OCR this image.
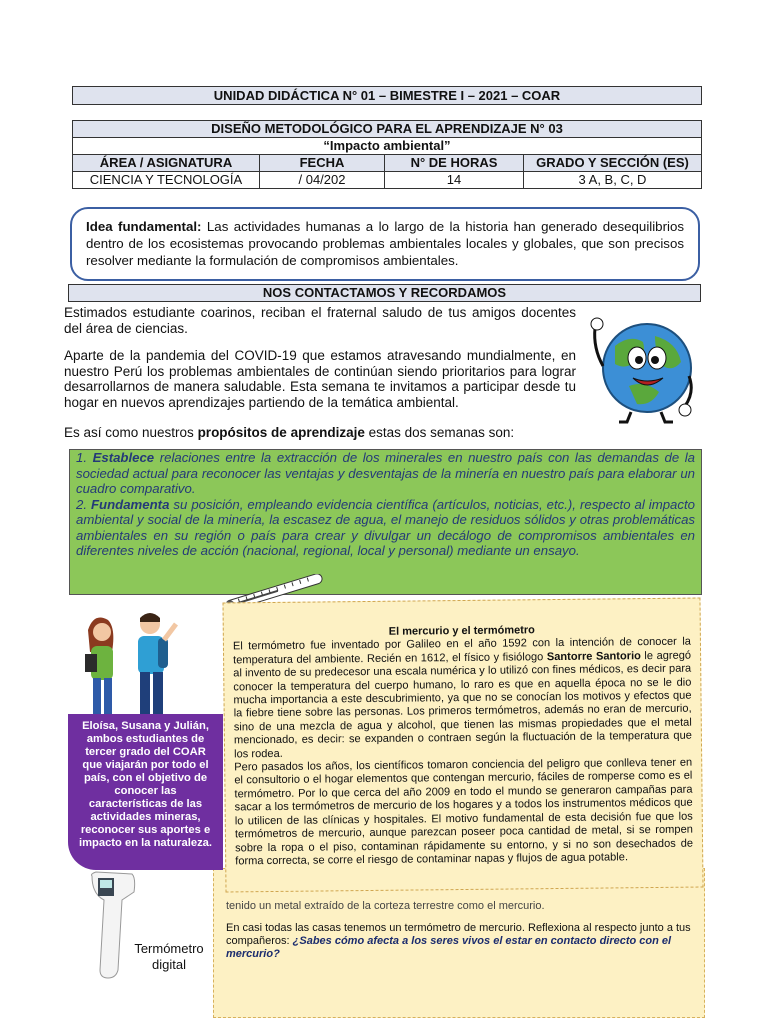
UNIDAD DIDÁCTICA N° 01 – BIMESTRE I – 2021 – COAR
DISEÑO METODOLÓGICO PARA EL APRENDIZAJE N° 03			
“Impacto ambiental”			
ÁREA / ASIGNATURA	FECHA	N° DE HORAS	GRADO Y SECCIÓN (ES)
CIENCIA Y TECNOLOGÍA	/ 04/202	14	3 A, B, C, D
Idea fundamental: Las actividades humanas a lo largo de la historia han generado desequilibrios dentro de los ecosistemas provocando problemas ambientales locales y globales, que son precisos resolver mediante la formulación de compromisos ambientales.
NOS CONTACTAMOS Y RECORDAMOS
Estimados estudiante coarinos, reciban el fraternal saludo de tus amigos docentes del área de ciencias.
Aparte de la pandemia del COVID-19 que estamos atravesando mundialmente, en nuestro Perú los problemas ambientales de continúan siendo prioritarios para lograr desarrollarnos de manera saludable. Esta semana te invitamos a participar desde tu hogar en nuevos aprendizajes partiendo de la temática ambiental.
Es así como nuestros propósitos de aprendizaje estas dos semanas son:
1. Establece relaciones entre la extracción de los minerales en nuestro país con las demandas de la sociedad actual para reconocer las ventajas y desventajas de la minería en nuestro país para elaborar un cuadro comparativo.
2. Fundamenta su posición, empleando evidencia científica (artículos, noticias, etc.), respecto al impacto ambiental y social de la minería, la escasez de agua, el manejo de residuos sólidos y otras problemáticas ambientales en su región o país para crear y divulgar un decálogo de compromisos ambientales en diferentes niveles de acción (nacional, regional, local y personal) mediante un ensayo.
tenido un metal extraído de la corteza terrestre como el mercurio.
En casi todas las casas tenemos un termómetro de mercurio. Reflexiona al respecto junto a tus compañeros: ¿Sabes cómo afecta a los seres vivos el estar en contacto directo con el mercurio?
El mercurio y el termómetro
El termómetro fue inventado por Galileo en el año 1592 con la intención de conocer la temperatura del ambiente. Recién en 1612, el físico y fisiólogo Santorre Santorio le agregó al invento de su predecesor una escala numérica y lo utilizó con fines médicos, es decir para conocer la temperatura del cuerpo humano, lo raro es que en aquella época no se le dio mucha importancia a este descubrimiento, ya que no se conocían los motivos y efectos que la fiebre tiene sobre las personas. Los primeros termómetros, además no eran de mercurio, sino de una mezcla de agua y alcohol, que tienen las mismas propiedades que el metal mencionado, es decir: se expanden o contraen según la fluctuación de la temperatura que los rodea.
Pero pasados los años, los científicos tomaron conciencia del peligro que conlleva tener en el consultorio o el hogar elementos que contengan mercurio, fáciles de romperse como es el termómetro. Por lo que cerca del año 2009 en todo el mundo se generaron campañas para sacar a los termómetros de mercurio de los hogares y a todos los instrumentos médicos que lo utilicen de las clínicas y hospitales. El motivo fundamental de esta decisión fue que los termómetros de mercurio, aunque parezcan poseer poca cantidad de metal, si se rompen sobre la ropa o el piso, contaminan rápidamente su entorno, y si no son desechados de forma correcta, se corre el riesgo de contaminar napas y flujos de agua potable.
Eloísa, Susana y Julián, ambos estudiantes de tercer grado del COAR que viajarán por todo el país, con el objetivo de conocer las características de las actividades mineras, reconocer sus aportes e impacto en la naturaleza.
Termómetro digital
